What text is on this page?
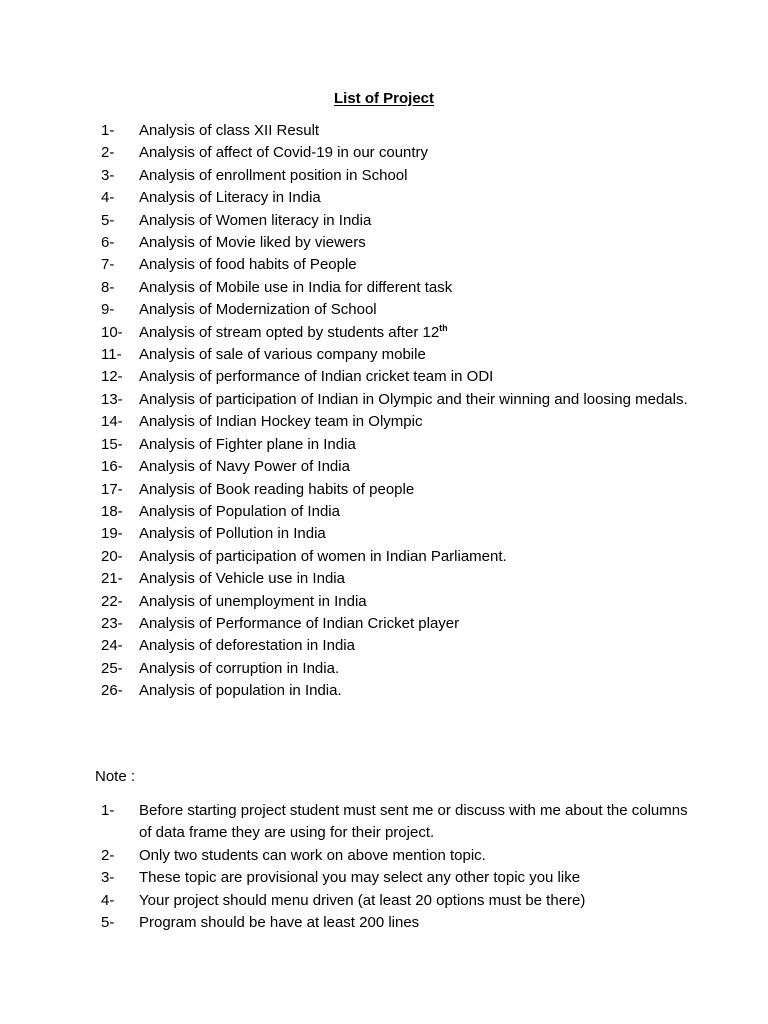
List of Project
1-	Analysis of class XII Result
2-	Analysis of affect of Covid-19 in our country
3-	Analysis of enrollment position in School
4-	Analysis of Literacy in India
5-	Analysis of Women literacy in India
6-	Analysis of Movie liked by viewers
7-	Analysis of food habits of People
8-	Analysis of Mobile use in India for different task
9-	Analysis of Modernization of School
10-	Analysis of stream opted by students after 12th
11-	Analysis of sale of various company mobile
12-	Analysis of performance of Indian cricket team in ODI
13-	Analysis of participation of Indian in Olympic and their winning and loosing medals.
14-	Analysis of Indian Hockey team in Olympic
15-	Analysis of Fighter plane in India
16-	Analysis of Navy Power of India
17-	Analysis of Book reading habits of people
18-	Analysis of Population of India
19-	Analysis of Pollution in India
20-	Analysis of participation of women in Indian Parliament.
21-	Analysis of Vehicle use in India
22-	Analysis of unemployment in India
23-	Analysis of Performance of Indian Cricket player
24-	Analysis of deforestation in India
25-	Analysis of corruption in India.
26-	Analysis of population in India.
Note :
1-	Before starting project student must sent me or discuss with me about the columns of data frame they are using for their project.
2-	Only two students can work on above mention topic.
3-	These topic are provisional you may select any other topic you like
4-	Your project should menu driven (at least 20 options must be there)
5-	Program should be have at least 200 lines
